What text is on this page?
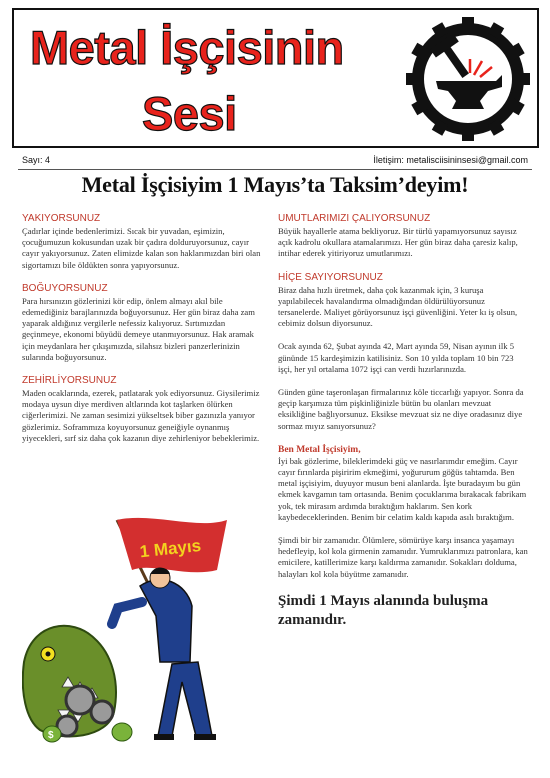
Metal İşçisinin
Sesi
Sayı: 4	İletişim: metalisciisininsesi@gmail.com
Metal İşçisiyim 1 Mayıs’ta Taksim’deyim!
YAKIYORSUNUZ

Çadırlar içinde bedenlerimizi. Sıcak bir yuvadan, eşimizin, çocuğumuzun kokusundan uzak bir çadıra dolduruyorsunuz, cayır cayır yakıyorsunuz. Zaten elimizde kalan son haklarımızdan biri olan sigortamızı bile öldükten sonra yapıyorsunuz.

BOĞUYORSUNUZ

Para hırsınızın gözlerinizi kör edip, önlem almayı akıl bile edemediğiniz barajlarınızda boğuyorsunuz. Her gün biraz daha zam yaparak aldığınız vergilerle nefessiz kalıyoruz. Sırtımızdan geçinmeye, ekonomi büyüdü demeye utanmıyorsunuz. Hak aramak için meydanlara her çıkışımızda, silahsız bizleri panzerlerinizin sularında boğuyorsunuz.

ZEHİRLİYORSUNUZ

Maden ocaklarında, ezerek, patlatarak yok ediyorsunuz. Giysilerimiz modaya uysun diye merdiven altlarında kot taşlarken ölürken ciğerlerimizi. Ne zaman sesimizi yükseltsek biber gazınızla yanıyor gözlerimiz. Soframmıza koyuyorsunuz geneiğiyle oynanmış yiyecekleri, sırf siz daha çok kazanın diye zehirleniyor bebeklerimiz.

$
1 Mayıs
UMUTLARIMIZI ÇALIYORSUNUZ

Büyük hayallerle atama bekliyoruz. Bir türlü yapamıyorsunuz sayısız açık kadrolu okullara atamalarımızı. Her gün biraz daha çaresiz kalıp, intihar ederek yitiriyoruz umutlarımızı.

HİÇE SAYIYORSUNUZ

Biraz daha hızlı üretmek, daha çok kazanmak için, 3 kuruşa yapılabilecek havalandırma olmadığından öldürülüyorsunuz tersanelerde. Maliyet görüyorsunuz işçi güvenliğini. Yeter kı iş olsun, cebimiz dolsun diyorsunuz.

Ocak ayında 62, Şubat ayında 42, Mart ayında 59, Nisan ayının ilk 5 gününde 15 kardeşimizin katilisiniz. Son 10 yılda toplam 10 bin 723 işçi, her yıl ortalama 1072 işçi can verdi hızırlarınızda.

Günden güne taşeronlaşan firmalarınız köle ticcarlığı yapıyor. Sonra da geçip karşımıza tüm pişkinliğinizle bütün bu olanları mevzuat eksikliğine bağlıyorsunuz. Eksikse mevzuat siz ne diye oradasınız diye sormaz mıyız sanıyorsunuz?

Ben Metal İşçisiyim,

İyi bak gözlerime, bileklerimdeki güç ve nasırlarımdır emeğim. Cayır cayır fırınlarda pişiririm ekmeğimi, yoğururum göğüs tahtamda. Ben metal işçisiyim, duyuyor musun beni alanlarda. İşte buradayım bu gün ekmek kavgamın tam ortasında. Benim çocuklarıma bırakacak fabrikam yok, tek mirasım ardımda bıraktığım haklarım. Sen kork kaybedeceklerinden. Benim bir celatim kaldı kapıda asılı bıraktığım.

Şimdi bir bir zamanıdır. Ölümlere, sömürüye karşı insanca yaşamayı hedefleyip, kol kola girmenin zamanıdır. Yumruklarımızı patronlara, kan emicilere, katillerimize karşı kaldırma zamanıdır. Sokakları dolduma, halayları kol kola büyütme zamanıdır.

Şimdi 1 Mayıs alanında buluşma zamanıdır.
